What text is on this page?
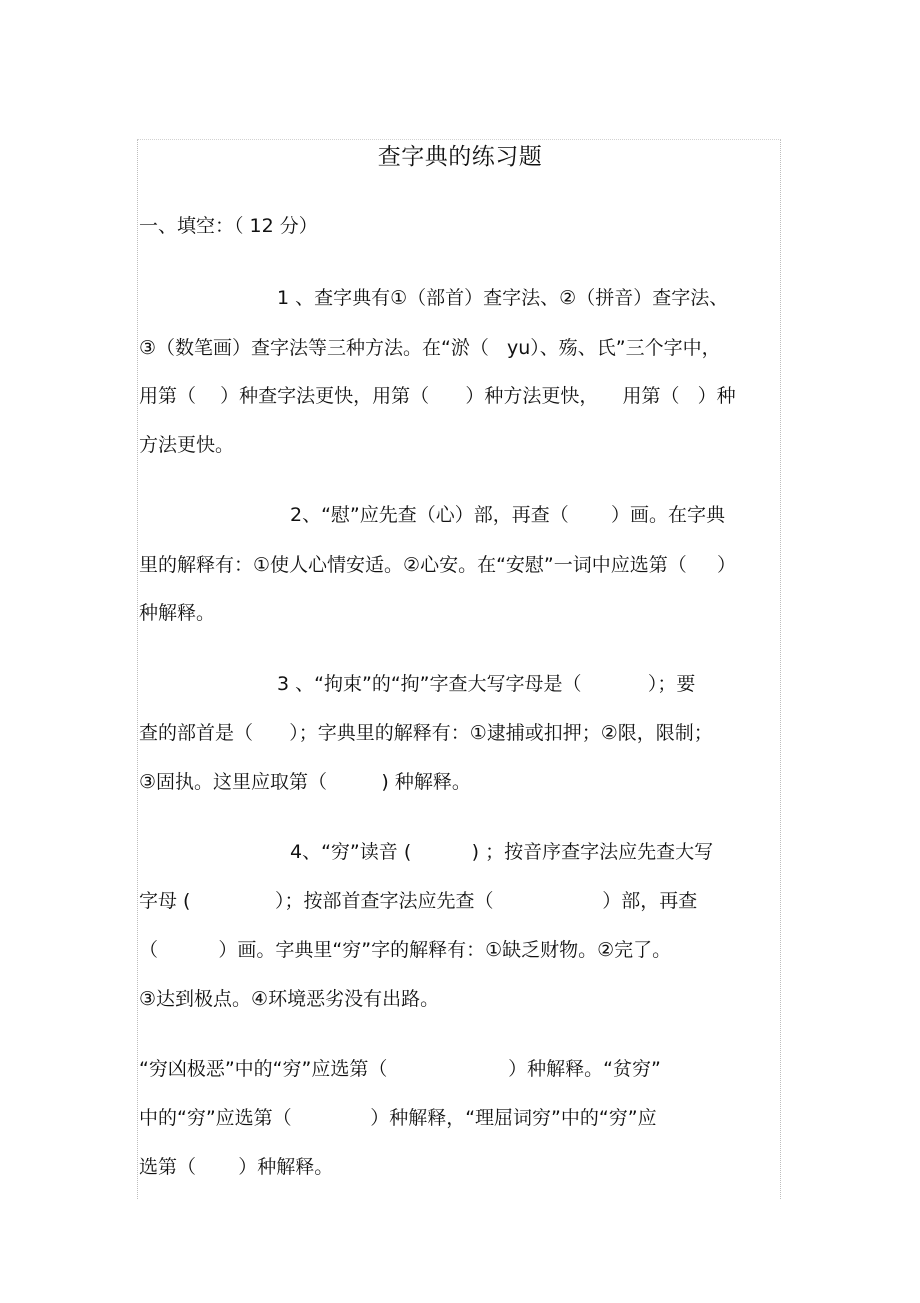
查字典的练习题
一、填空：（ 12 分）
1 、查字典有①（部首）查字法、②（拼音）查字法、
③（数笔画）查字法等三种方法。在“淤（   yu）、殇、氏”三个字中，
用第（    ）种查字法更快，用第（      ）种方法更快，    用第（   ）种
方法更快。
2、“慰”应先查（心）部，再查（       ）画。在字典
里的解释有：①使人心情安适。②心安。在“安慰”一词中应选第（     ）
种解释。
3 、“拘束”的“拘”字查大写字母是（           ）；要
查的部首是（      ）；字典里的解释有：①逮捕或扣押；②限，限制；
③固执。这里应取第（         ) 种解释。
4、“穷”读音 (          ) ；按音序查字法应先查大写
字母 (              ）；按部首查字法应先查（                  ）部，再查
（          ）画。字典里“穷”字的解释有：①缺乏财物。②完了。
③达到极点。④环境恶劣没有出路。
“穷凶极恶”中的“穷”应选第（                    ）种解释。“贫穷”
中的“穷”应选第（             ）种解释，“理屈词穷”中的“穷”应
选第（       ）种解释。
